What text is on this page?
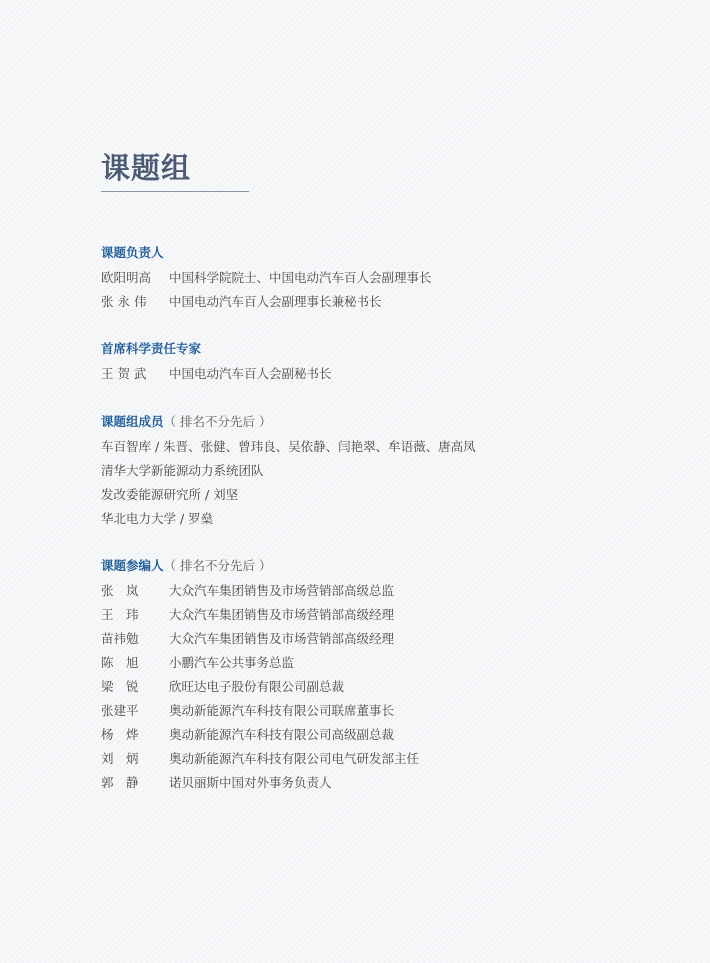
课题组
课题负责人
欧阳明高	中国科学院院士、中国电动汽车百人会副理事长
张 永 伟	中国电动汽车百人会副理事长兼秘书长
首席科学责任专家
王 贺 武	中国电动汽车百人会副秘书长
课题组成员（ 排名不分先后 ）
车百智库 / 朱晋、张健、曾玮良、吴依静、闫艳翠、牟语薇、唐高凤
清华大学新能源动力系统团队
发改委能源研究所 / 刘坚
华北电力大学 / 罗燊
课题参编人（ 排名不分先后 ）
张　岚	大众汽车集团销售及市场营销部高级总监
王　玮	大众汽车集团销售及市场营销部高级经理
苗祎勉	大众汽车集团销售及市场营销部高级经理
陈　旭	小鹏汽车公共事务总监
梁　锐	欣旺达电子股份有限公司副总裁
张建平	奥动新能源汽车科技有限公司联席董事长
杨　烨	奥动新能源汽车科技有限公司高级副总裁
刘　炳	奥动新能源汽车科技有限公司电气研发部主任
郭　静	诺贝丽斯中国对外事务负责人
